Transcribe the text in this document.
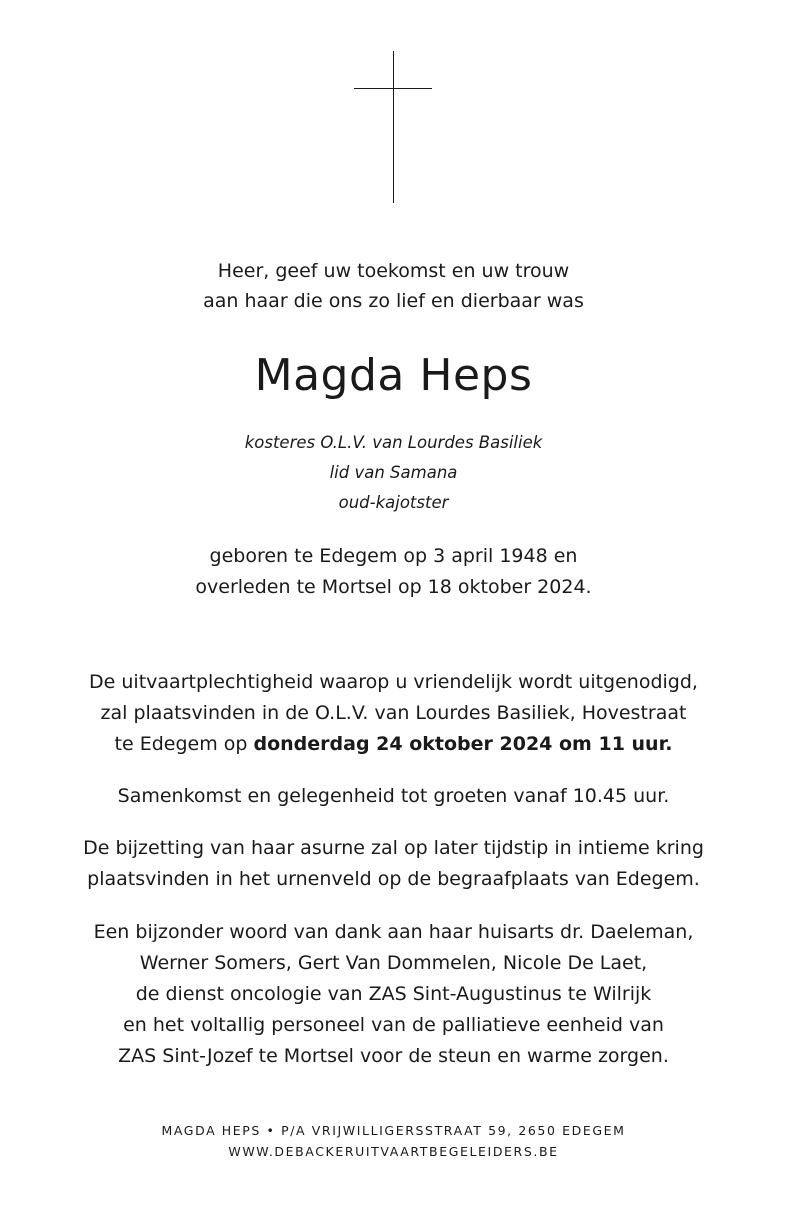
Heer, geef uw toekomst en uw trouw
aan haar die ons zo lief en dierbaar was
Magda Heps
kosteres O.L.V. van Lourdes Basiliek
lid van Samana
oud-kajotster
geboren te Edegem op 3 april 1948 en
overleden te Mortsel op 18 oktober 2024.
De uitvaartplechtigheid waarop u vriendelijk wordt uitgenodigd,
zal plaatsvinden in de O.L.V. van Lourdes Basiliek, Hovestraat
te Edegem op donderdag 24 oktober 2024 om 11 uur.
Samenkomst en gelegenheid tot groeten vanaf 10.45 uur.
De bijzetting van haar asurne zal op later tijdstip in intieme kring
plaatsvinden in het urnenveld op de begraafplaats van Edegem.
Een bijzonder woord van dank aan haar huisarts dr. Daeleman,
Werner Somers, Gert Van Dommelen, Nicole De Laet,
de dienst oncologie van ZAS Sint-Augustinus te Wilrijk
en het voltallig personeel van de palliatieve eenheid van
ZAS Sint-Jozef te Mortsel voor de steun en warme zorgen.
MAGDA HEPS • P/A VRIJWILLIGERSSTRAAT 59, 2650 EDEGEM
WWW.DEBACKERUITVAARTBEGELEIDERS.BE
